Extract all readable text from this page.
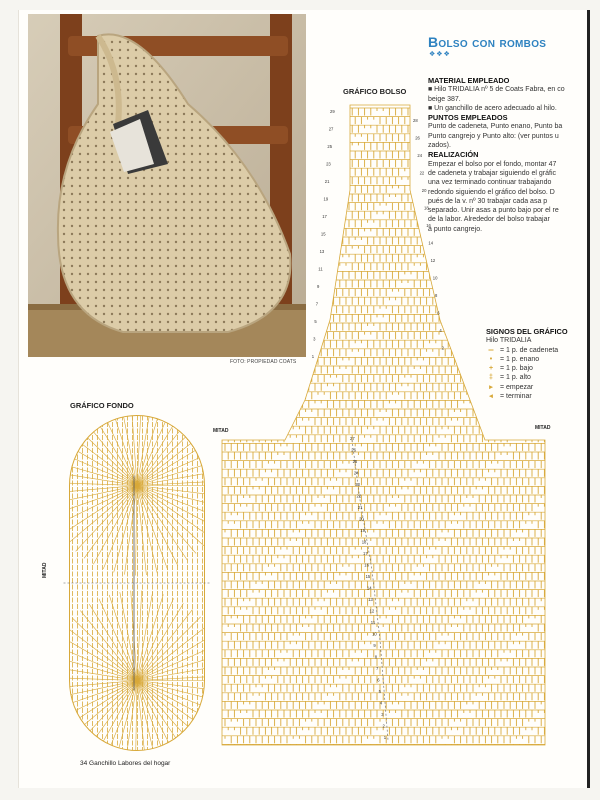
FOTO: PROPIEDAD COATS
Bolso con rombos
❖❖❖
MATERIAL EMPLEADO
■ Hilo TRIDALIA nº 5 de Coats Fabra, en co
beige 387.
■ Un ganchillo de acero adecuado al hilo.
PUNTOS EMPLEADOS
Punto de cadeneta, Punto enano, Punto ba
Punto cangrejo y Punto alto: (ver puntos u
zados).
REALIZACIÓN
Empezar el bolso por el fondo, montar 47
de cadeneta y trabajar siguiendo el gráfic
una vez terminado continuar trabajando
redondo siguiendo el gráfico del bolso. D
pués de la v. nº 30 trabajar cada asa p
separado. Unir asas a punto bajo por el re
de la labor. Alrededor del bolso trabajar
a punto cangrejo.
SIGNOS DEL GRÁFICO
Hilo TRIDALIA
═ = 1 p. de cadeneta
•	= 1 p. enano
+ = 1 p. bajo
‡	= 1 p. alto
▸	= empezar
◂	= terminar
GRÁFICO BOLSO
GRÁFICO FONDO
MITAD	MITAD
MITAD
29
27
25
23
21
19
17
15
13
11
9
7
5
3
1
28
26
24
22
20
18
16
14
12
10
8
6
4
2
27
26
25
24
23
22
21
20
19
18
17
16
15
14
13
12
11
10
9
8
7
6
5
4
3
2
1
34 Ganchillo Labores del hogar
